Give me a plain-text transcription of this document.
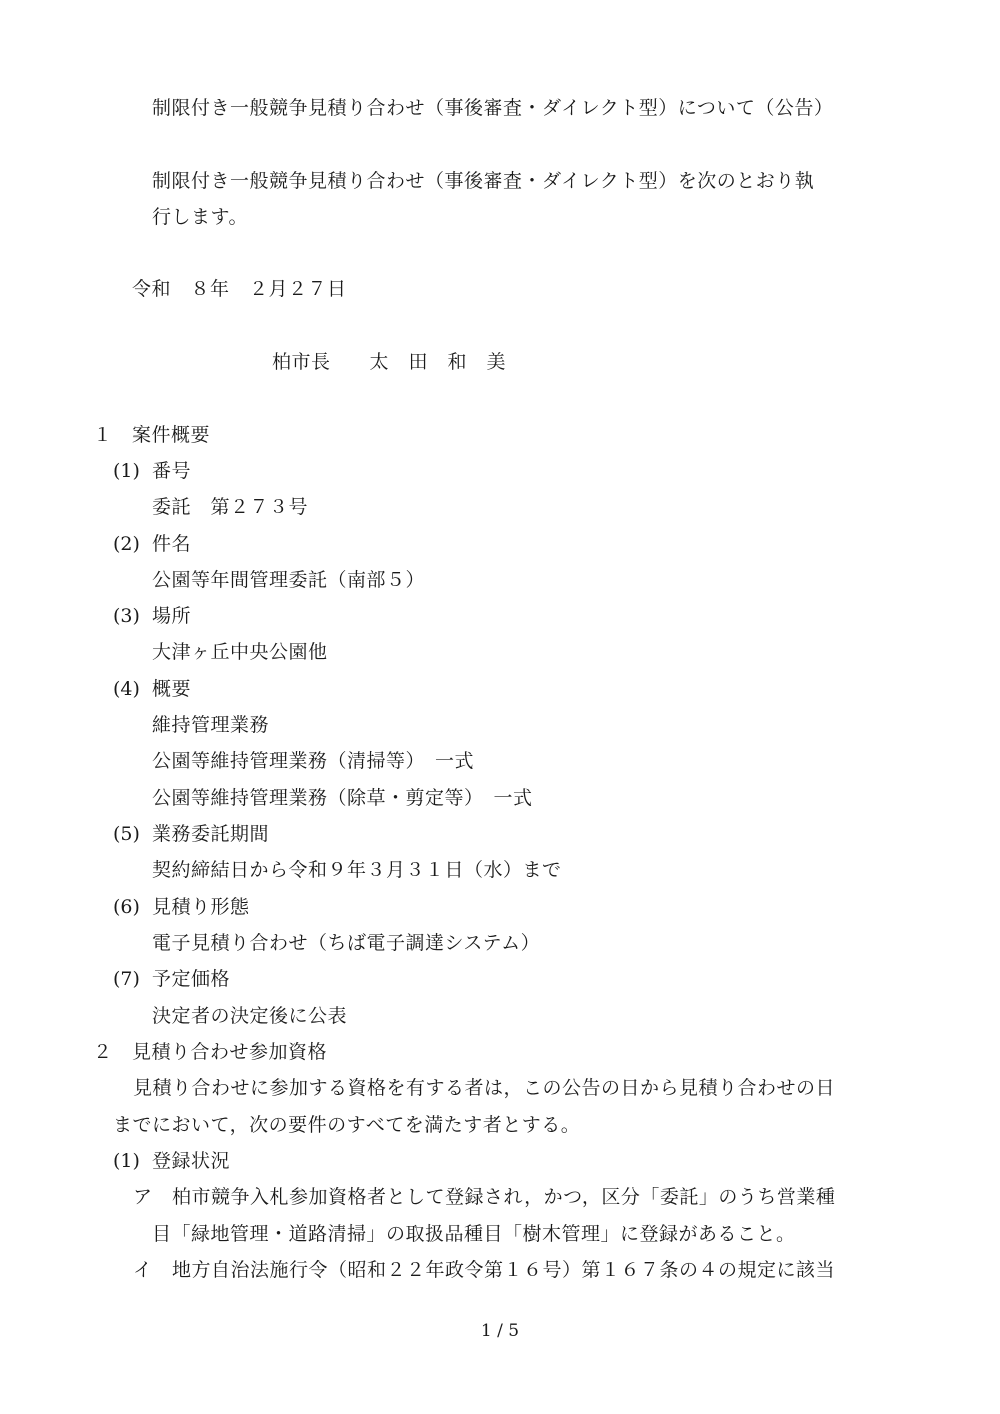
制限付き一般競争見積り合わせ（事後審査・ダイレクト型）について（公告）
制限付き一般競争見積り合わせ（事後審査・ダイレクト型）を次のとおり執
行します。
令和　８年　２月２７日
柏市長　　太　田　和　美
１　案件概要
(1) 番号
委託　第２７３号
(2) 件名
公園等年間管理委託（南部５）
(3) 場所
大津ヶ丘中央公園他
(4) 概要
維持管理業務
公園等維持管理業務（清掃等）　一式
公園等維持管理業務（除草・剪定等）　一式
(5) 業務委託期間
契約締結日から令和９年３月３１日（水）まで
(6) 見積り形態
電子見積り合わせ（ちば電子調達システム）
(7) 予定価格
決定者の決定後に公表
２　見積り合わせ参加資格
見積り合わせに参加する資格を有する者は，この公告の日から見積り合わせの日
までにおいて，次の要件のすべてを満たす者とする。
(1) 登録状況
ア　柏市競争入札参加資格者として登録され，かつ，区分「委託」のうち営業種
目「緑地管理・道路清掃」の取扱品種目「樹木管理」に登録があること。
イ　地方自治法施行令（昭和２２年政令第１６号）第１６７条の４の規定に該当
1 / 5
